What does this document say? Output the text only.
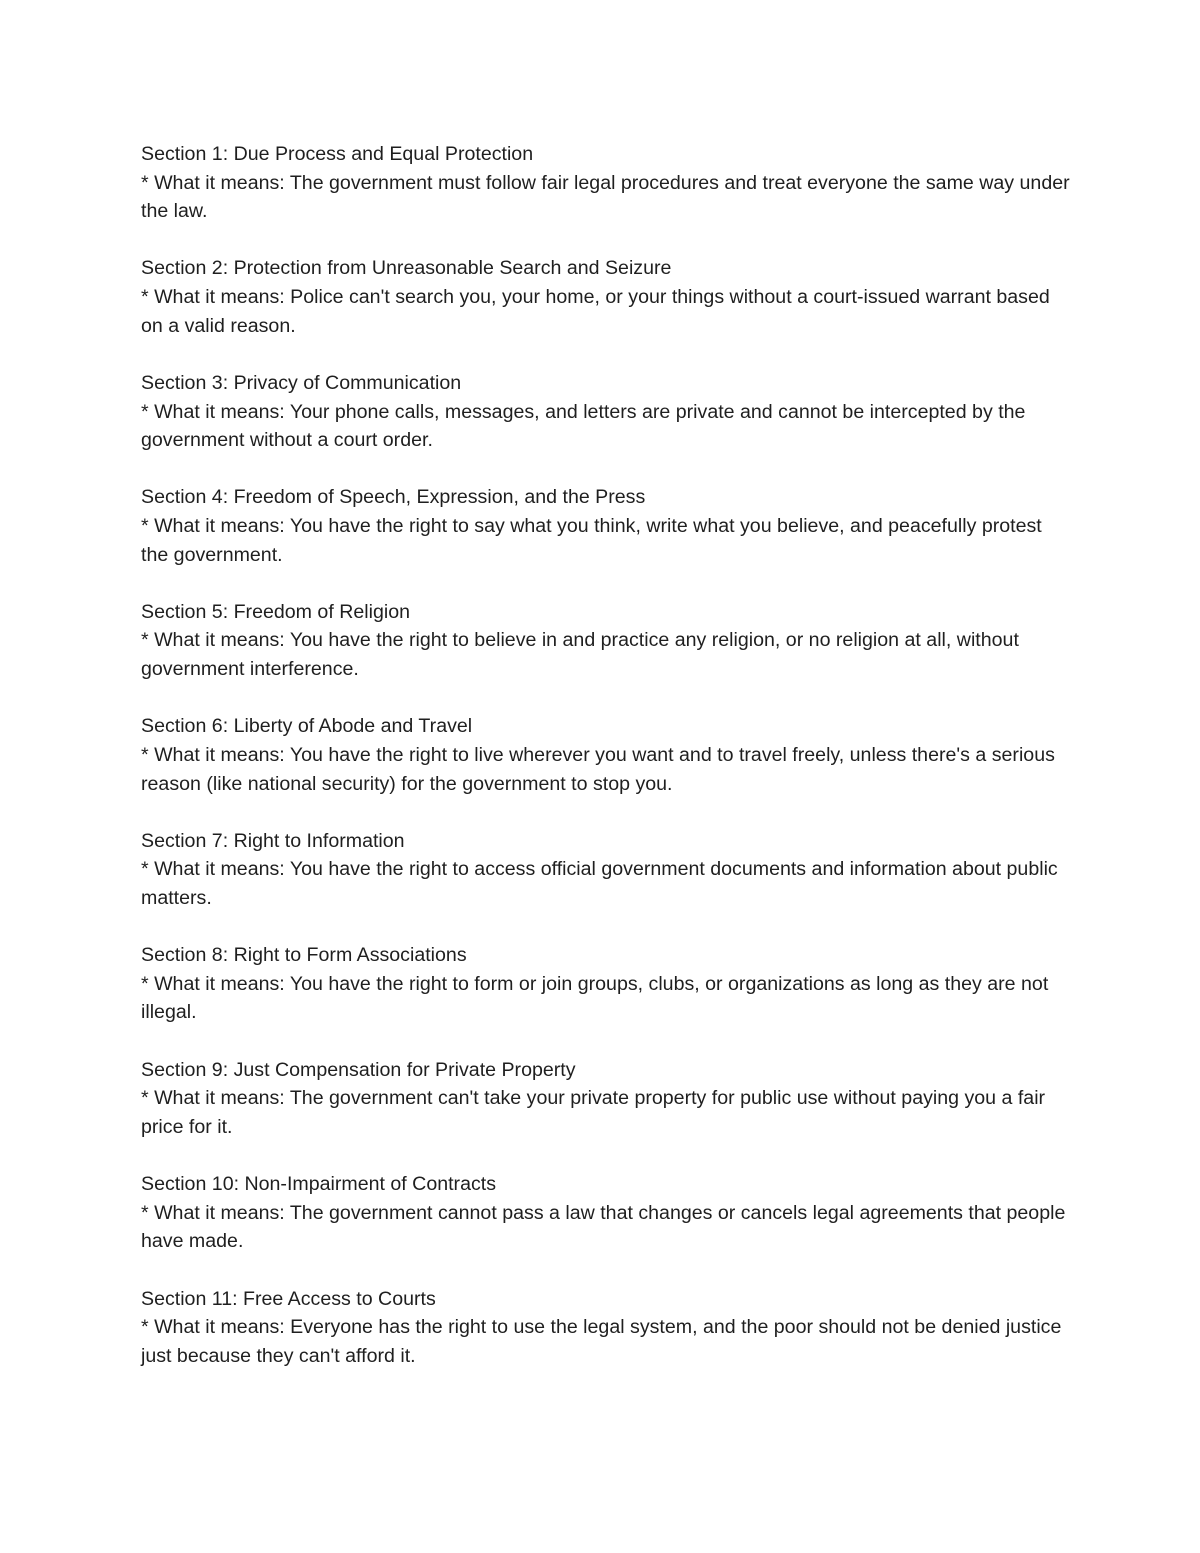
Section 1: Due Process and Equal Protection
* What it means: The government must follow fair legal procedures and treat everyone the same way under the law.
Section 2: Protection from Unreasonable Search and Seizure
* What it means: Police can't search you, your home, or your things without a court-issued warrant based on a valid reason.
Section 3: Privacy of Communication
* What it means: Your phone calls, messages, and letters are private and cannot be intercepted by the government without a court order.
Section 4: Freedom of Speech, Expression, and the Press
* What it means: You have the right to say what you think, write what you believe, and peacefully protest the government.
Section 5: Freedom of Religion
* What it means: You have the right to believe in and practice any religion, or no religion at all, without government interference.
Section 6: Liberty of Abode and Travel
* What it means: You have the right to live wherever you want and to travel freely, unless there's a serious reason (like national security) for the government to stop you.
Section 7: Right to Information
* What it means: You have the right to access official government documents and information about public matters.
Section 8: Right to Form Associations
* What it means: You have the right to form or join groups, clubs, or organizations as long as they are not illegal.
Section 9: Just Compensation for Private Property
* What it means: The government can't take your private property for public use without paying you a fair price for it.
Section 10: Non-Impairment of Contracts
* What it means: The government cannot pass a law that changes or cancels legal agreements that people have made.
Section 11: Free Access to Courts
* What it means: Everyone has the right to use the legal system, and the poor should not be denied justice just because they can't afford it.
